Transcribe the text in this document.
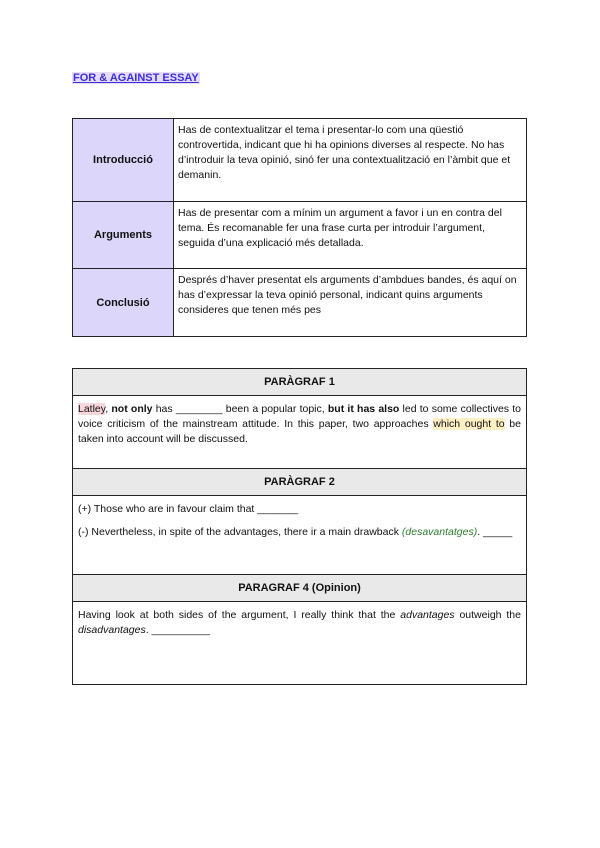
FOR & AGAINST ESSAY
Introducció	Has de contextualitzar el tema i presentar-lo com una qüestió controvertida, indicant que hi ha opinions diverses al respecte. No has d’introduir la teva opinió, sinó fer una contextualització en l’àmbit que et demanin.
Arguments	Has de presentar com a mínim un argument a favor i un en contra del tema. És recomanable fer una frase curta per introduir l’argument, seguida d’una explicació més detallada.
Conclusió	Després d’haver presentat els arguments d’ambdues bandes, és aquí on has d’expressar la teva opinió personal, indicant quins arguments consideres que tenen més pes
PARÀGRAF 1
Latley, not only has ________ been a popular topic, but it has also led to some collectives to voice criticism of the mainstream attitude. In this paper, two approaches which ought to be taken into account will be discussed.
PARÀGRAF 2

(+) Those who are in favour claim that _______

(-) Nevertheless, in spite of the advantages, there ir a main drawback (desavantatges). _____

PARAGRAF 4 (Opinion)
Having look at both sides of the argument, I really think that the advantages outweigh the disadvantages. __________
